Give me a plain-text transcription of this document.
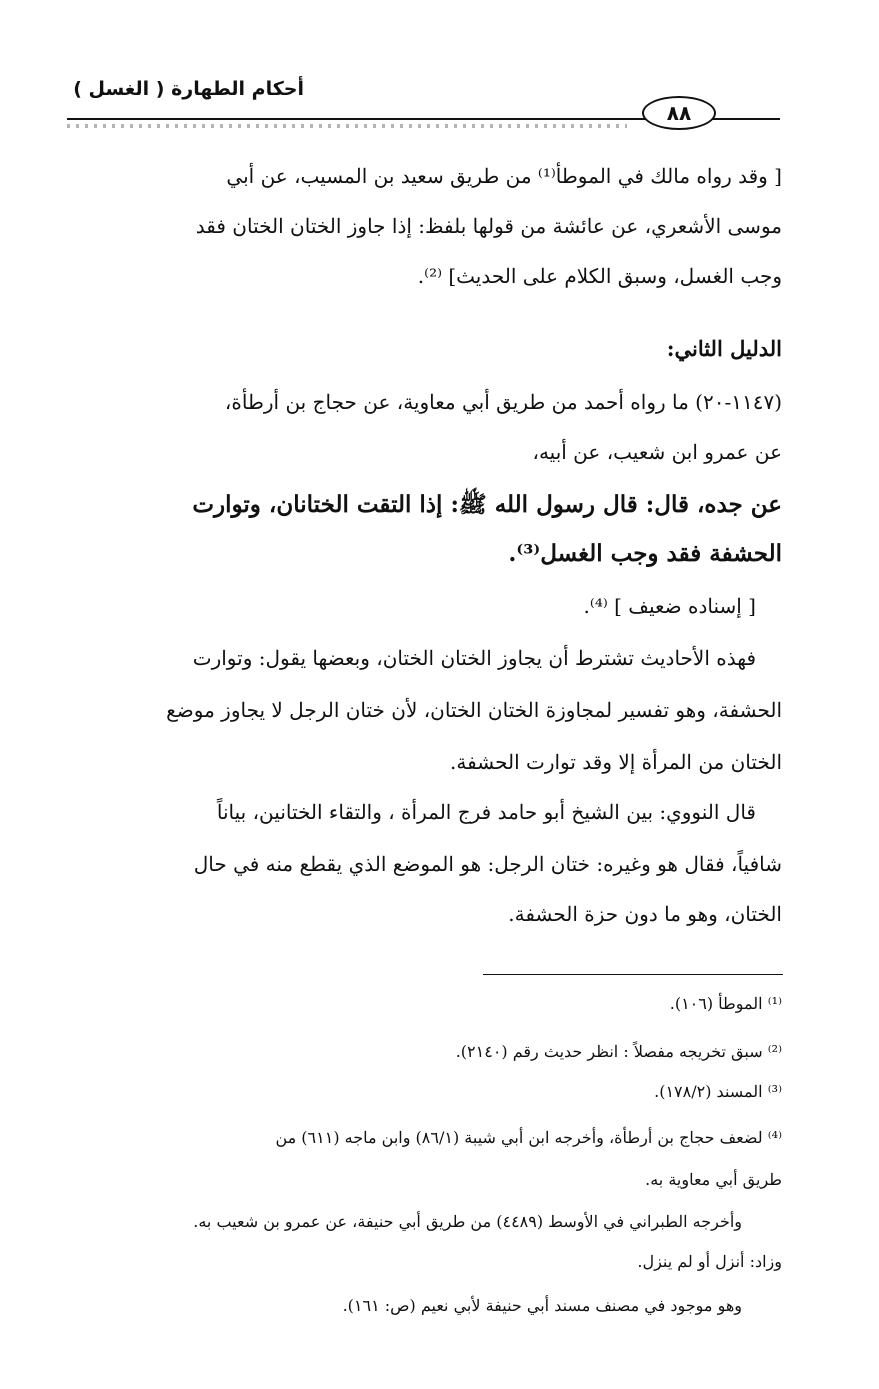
أحكام الطهارة ( الغسل )
٨٨
[ وقد رواه مالك في الموطأ⁽¹⁾ من طريق سعيد بن المسيب، عن أبي
موسى الأشعري، عن عائشة من قولها بلفظ: إذا جاوز الختان الختان فقد
وجب الغسل، وسبق الكلام على الحديث] ⁽²⁾.
الدليل الثاني:
(١١٤٧-٢٠) ما رواه أحمد من طريق أبي معاوية، عن حجاج بن أرطأة،
عن عمرو ابن شعيب، عن أبيه،
عن جده، قال: قال رسول الله ﷺ: إذا التقت الختانان، وتوارت
الحشفة فقد وجب الغسل⁽³⁾.
[ إسناده ضعيف ] ⁽⁴⁾.
فهذه الأحاديث تشترط أن يجاوز الختان الختان، وبعضها يقول: وتوارت
الحشفة، وهو تفسير لمجاوزة الختان الختان، لأن ختان الرجل لا يجاوز موضع
الختان من المرأة إلا وقد توارت الحشفة.
قال النووي: بين الشيخ أبو حامد فرج المرأة ، والتقاء الختانين، بياناً
شافياً، فقال هو وغيره: ختان الرجل: هو الموضع الذي يقطع منه في حال
الختان، وهو ما دون حزة الحشفة.
⁽¹⁾ الموطأ (١٠٦).
⁽²⁾ سبق تخريجه مفصلاً : انظر حديث رقم (٢١٤٠).
⁽³⁾ المسند (١٧٨/٢).
⁽⁴⁾ لضعف حجاج بن أرطأة، وأخرجه ابن أبي شيبة (٨٦/١) وابن ماجه (٦١١) من
طريق أبي معاوية به.
وأخرجه الطبراني في الأوسط (٤٤٨٩) من طريق أبي حنيفة، عن عمرو بن شعيب به.
وزاد: أنزل أو لم ينزل.
وهو موجود في مصنف مسند أبي حنيفة لأبي نعيم (ص: ١٦١).
